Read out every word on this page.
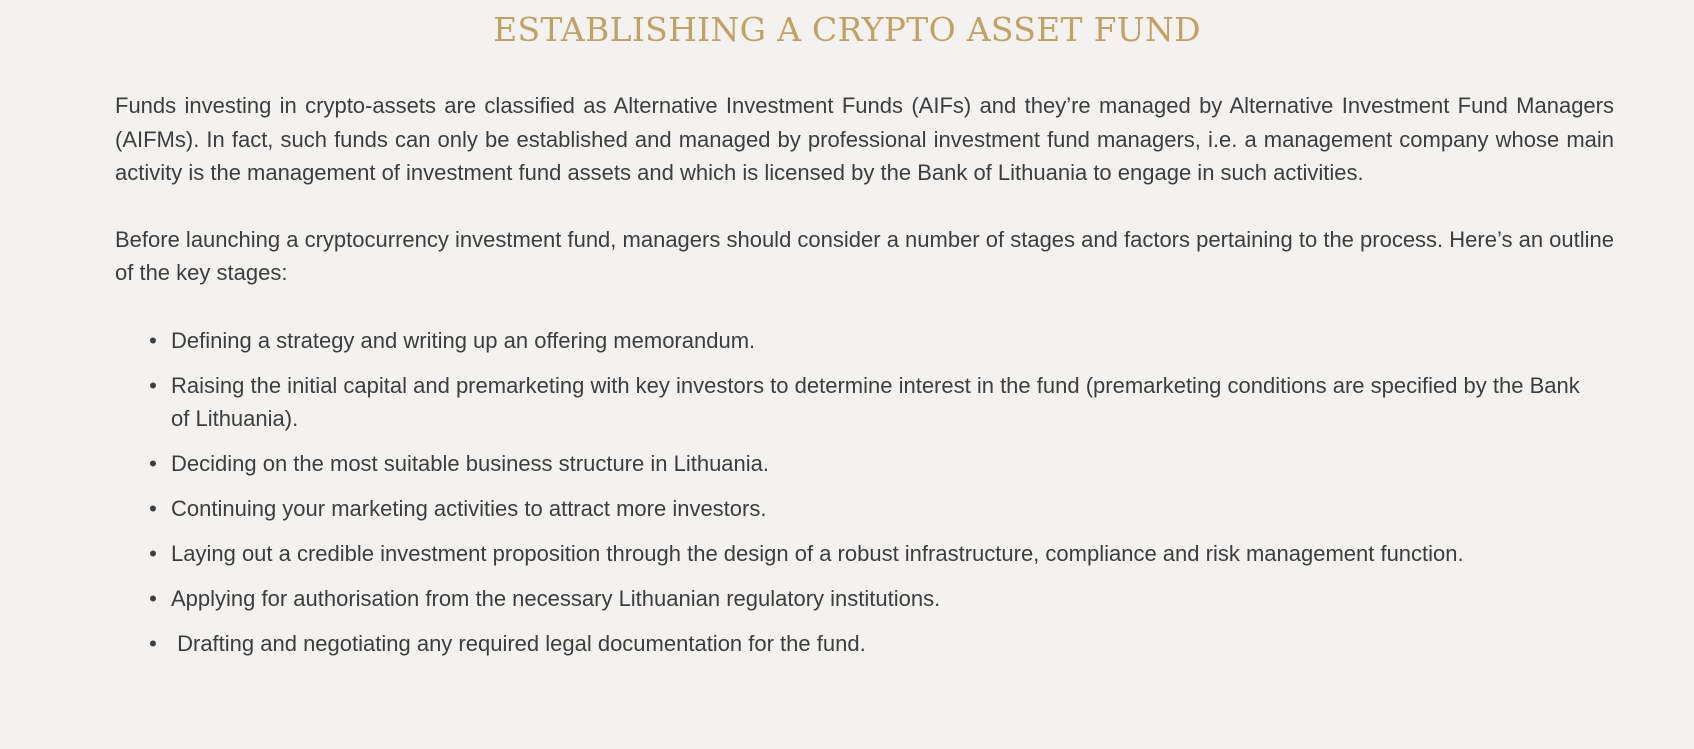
ESTABLISHING A CRYPTO ASSET FUND

Funds investing in crypto-assets are classified as Alternative Investment Funds (AIFs) and they’re managed by Alternative Investment Fund Managers (AIFMs). In fact, such funds can only be established and managed by professional investment fund managers, i.e. a management company whose main activity is the management of investment fund assets and which is licensed by the Bank of Lithuania to engage in such activities.

Before launching a cryptocurrency investment fund, managers should consider a number of stages and factors pertaining to the process. Here’s an outline of the key stages:

• Defining a strategy and writing up an offering memorandum.
• Raising the initial capital and premarketing with key investors to determine interest in the fund (premarketing conditions are specified by the Bank of Lithuania).
• Deciding on the most suitable business structure in Lithuania.
• Continuing your marketing activities to attract more investors.
• Laying out a credible investment proposition through the design of a robust infrastructure, compliance and risk management function.
• Applying for authorisation from the necessary Lithuanian regulatory institutions.
• Drafting and negotiating any required legal documentation for the fund.
